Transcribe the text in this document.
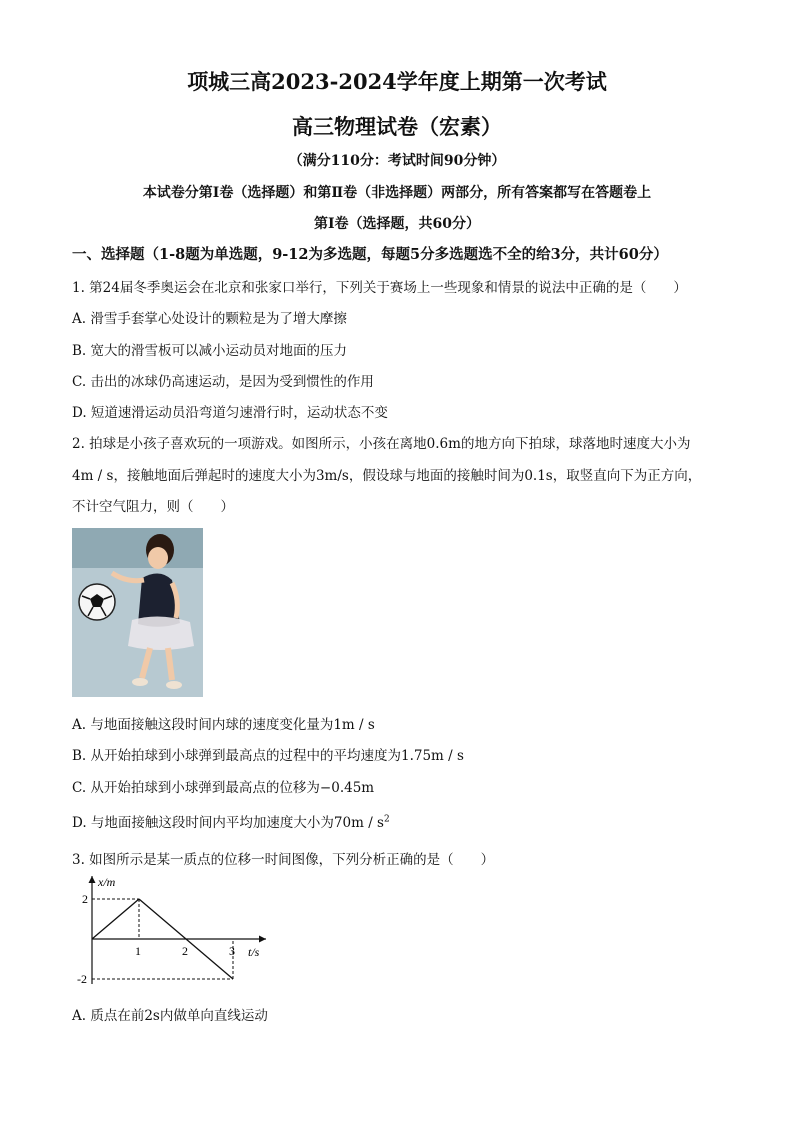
项城三高2023-2024学年度上期第一次考试
高三物理试卷（宏素）
（满分110分：考试时间90分钟）
本试卷分第Ⅰ卷（选择题）和第Ⅱ卷（非选择题）两部分，所有答案都写在答题卷上
第Ⅰ卷（选择题，共60分）
一、选择题（1-8题为单选题，9-12为多选题，每题5分多选题选不全的给3分，共计60分）
1. 第24届冬季奥运会在北京和张家口举行，下列关于赛场上一些现象和情景的说法中正确的是（　　）
A. 滑雪手套掌心处设计的颗粒是为了增大摩擦
B. 宽大的滑雪板可以减小运动员对地面的压力
C. 击出的冰球仍高速运动，是因为受到惯性的作用
D. 短道速滑运动员沿弯道匀速滑行时，运动状态不变
2. 拍球是小孩子喜欢玩的一项游戏。如图所示，小孩在离地0.6m的地方向下拍球，球落地时速度大小为
4m / s，接触地面后弹起时的速度大小为3m/s，假设球与地面的接触时间为0.1s，取竖直向下为正方向，
不计空气阻力，则（　　）
A. 与地面接触这段时间内球的速度变化量为1m / s
B. 从开始拍球到小球弹到最高点的过程中的平均速度为1.75m / s
C. 从开始拍球到小球弹到最高点的位移为−0.45m
D. 与地面接触这段时间内平均加速度大小为$70m / s^2$
3. 如图所示是某一质点的位移一时间图像，下列分析正确的是（　　）
x/m
t/s
1	2	3
2
-2
A. 质点在前2s内做单向直线运动
